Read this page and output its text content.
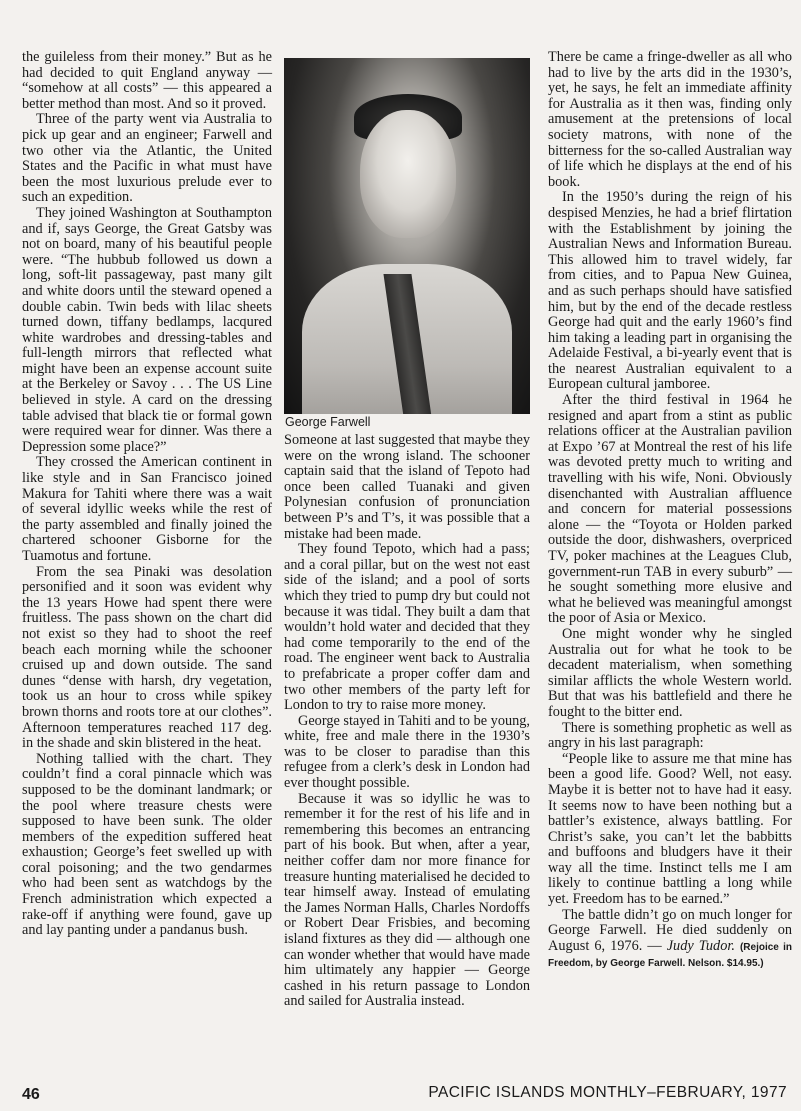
the guileless from their money.” But as he had decided to quit England anyway — “somehow at all costs” — this appeared a better method than most. And so it proved.

Three of the party went via Australia to pick up gear and an engineer; Farwell and two other via the Atlantic, the United States and the Pacific in what must have been the most luxurious prelude ever to such an expedition.

They joined Washington at Southampton and if, says George, the Great Gatsby was not on board, many of his beautiful people were. “The hubbub followed us down a long, soft-lit passageway, past many gilt and white doors until the steward opened a double cabin. Twin beds with lilac sheets turned down, tiffany bedlamps, lacqured white wardrobes and dressing-tables and full-length mirrors that reflected what might have been an expense account suite at the Berkeley or Savoy . . . The US Line believed in style. A card on the dressing table advised that black tie or formal gown were required wear for dinner. Was there a Depression some place?”

They crossed the American continent in like style and in San Francisco joined Makura for Tahiti where there was a wait of several idyllic weeks while the rest of the party assembled and finally joined the chartered schooner Gisborne for the Tuamotus and fortune.

From the sea Pinaki was desolation personified and it soon was evident why the 13 years Howe had spent there were fruitless. The pass shown on the chart did not exist so they had to shoot the reef beach each morning while the schooner cruised up and down outside. The sand dunes “dense with harsh, dry vegetation, took us an hour to cross while spikey brown thorns and roots tore at our clothes”. Afternoon temperatures reached 117 deg. in the shade and skin blistered in the heat.

Nothing tallied with the chart. They couldn’t find a coral pinnacle which was supposed to be the dominant landmark; or the pool where treasure chests were supposed to have been sunk. The older members of the expedition suffered heat exhaustion; George’s feet swelled up with coral poisoning; and the two gendarmes who had been sent as watchdogs by the French administration which expected a rake-off if anything were found, gave up and lay panting under a pandanus bush.

George Farwell

Someone at last suggested that maybe they were on the wrong island. The schooner captain said that the island of Tepoto had once been called Tuanaki and given Polynesian confusion of pronunciation between P’s and T’s, it was possible that a mistake had been made.

They found Tepoto, which had a pass; and a coral pillar, but on the west not east side of the island; and a pool of sorts which they tried to pump dry but could not because it was tidal. They built a dam that wouldn’t hold water and decided that they had come temporarily to the end of the road. The engineer went back to Australia to prefabricate a proper coffer dam and two other members of the party left for London to try to raise more money.

George stayed in Tahiti and to be young, white, free and male there in the 1930’s was to be closer to paradise than this refugee from a clerk’s desk in London had ever thought possible.

Because it was so idyllic he was to remember it for the rest of his life and in remembering this becomes an entrancing part of his book. But when, after a year, neither coffer dam nor more finance for treasure hunting materialised he decided to tear himself away. Instead of emulating the James Norman Halls, Charles Nordoffs or Robert Dear Frisbies, and becoming island fixtures as they did — although one can wonder whether that would have made him ultimately any happier — George cashed in his return passage to London and sailed for Australia instead.

There be came a fringe-dweller as all who had to live by the arts did in the 1930’s, yet, he says, he felt an immediate affinity for Australia as it then was, finding only amusement at the pretensions of local society matrons, with none of the bitterness for the so-called Australian way of life which he displays at the end of his book.

In the 1950’s during the reign of his despised Menzies, he had a brief flirtation with the Establishment by joining the Australian News and Information Bureau. This allowed him to travel widely, far from cities, and to Papua New Guinea, and as such perhaps should have satisfied him, but by the end of the decade restless George had quit and the early 1960’s find him taking a leading part in organising the Adelaide Festival, a bi-yearly event that is the nearest Australian equivalent to a European cultural jamboree.

After the third festival in 1964 he resigned and apart from a stint as public relations officer at the Australian pavilion at Expo ’67 at Montreal the rest of his life was devoted pretty much to writing and travelling with his wife, Noni. Obviously disenchanted with Australian affluence and concern for material possessions alone — the “Toyota or Holden parked outside the door, dishwashers, overpriced TV, poker machines at the Leagues Club, government-run TAB in every suburb” — he sought something more elusive and what he believed was meaningful amongst the poor of Asia or Mexico.

One might wonder why he singled Australia out for what he took to be decadent materialism, when something similar afflicts the whole Western world. But that was his battlefield and there he fought to the bitter end.

There is something prophetic as well as angry in his last paragraph:

“People like to assure me that mine has been a good life. Good? Well, not easy. Maybe it is better not to have had it easy. It seems now to have been nothing but a battler’s existence, always battling. For Christ’s sake, you can’t let the babbitts and buffoons and bludgers have it their way all the time. Instinct tells me I am likely to continue battling a long while yet. Freedom has to be earned.”

The battle didn’t go on much longer for George Farwell. He died suddenly on August 6, 1976. — Judy Tudor. (Rejoice in Freedom, by George Farwell. Nelson. $14.95.)

46	PACIFIC ISLANDS MONTHLY–FEBRUARY, 1977
